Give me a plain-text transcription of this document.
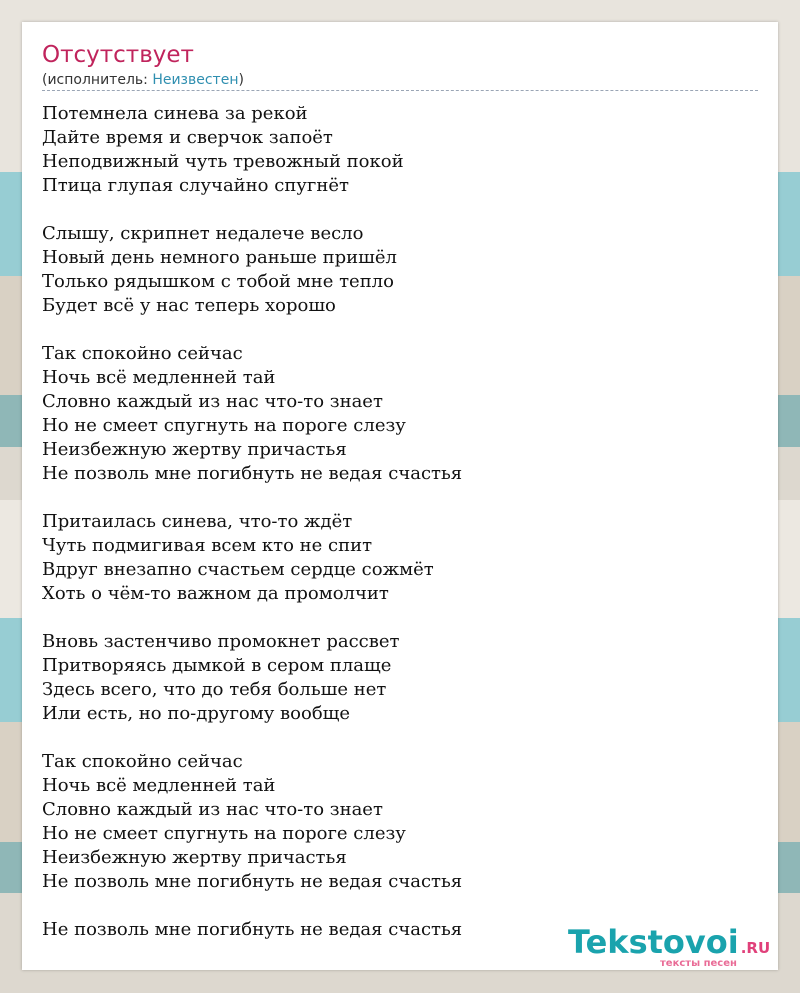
Отсутствует
(исполнитель: Неизвестен)
Потемнела синева за рекой
Дайте время и сверчок запоёт
Неподвижный чуть тревожный покой
Птица глупая случайно спугнёт
Слышу, скрипнет недалече весло
Новый день немного раньше пришёл
Только рядышком с тобой мне тепло
Будет всё у нас теперь хорошо
Так спокойно сейчас
Ночь всё медленней тай
Словно каждый из нас что-то знает
Но не смеет спугнуть на пороге слезу
Неизбежную жертву причастья
Не позволь мне погибнуть не ведая счастья
Притаилась синева, что-то ждёт
Чуть подмигивая всем кто не спит
Вдруг внезапно счастьем сердце сожмёт
Хоть о чём-то важном да промолчит
Вновь застенчиво промокнет рассвет
Притворяясь дымкой в сером плаще
Здесь всего, что до тебя больше нет
Или есть, но по-другому вообще
Так спокойно сейчас
Ночь всё медленней тай
Словно каждый из нас что-то знает
Но не смеет спугнуть на пороге слезу
Неизбежную жертву причастья
Не позволь мне погибнуть не ведая счастья
Не позволь мне погибнуть не ведая счастья	Tekstovoi .RU
тексты песен
